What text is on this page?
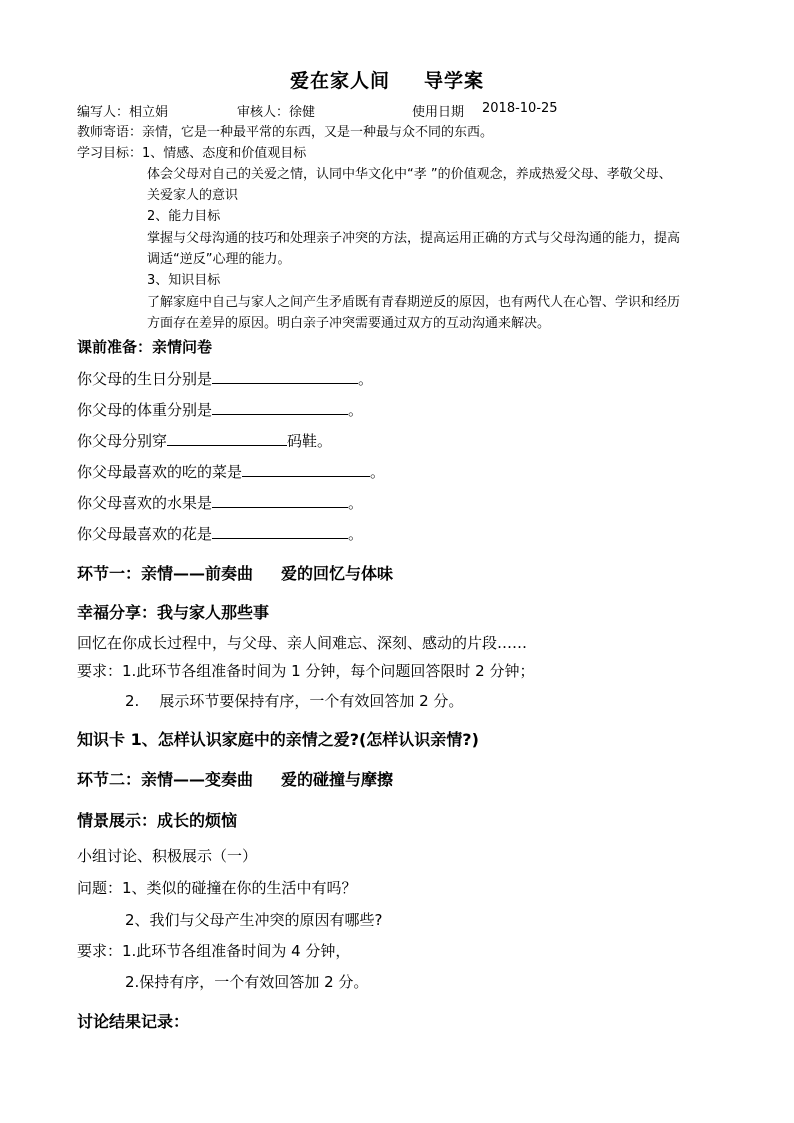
爱在家人间 导学案
编写人：相立娟	审核人：徐健	使用日期 2018-10-25
教师寄语：亲情，它是一种最平常的东西，又是一种最与众不同的东西。
学习目标：1、情感、态度和价值观目标
体会父母对自己的关爱之情，认同中华文化中“孝 ”的价值观念，养成热爱父母、孝敬父母、
关爱家人的意识
2、能力目标
掌握与父母沟通的技巧和处理亲子冲突的方法，提高运用正确的方式与父母沟通的能力，提高
调适“逆反”心理的能力。
3、知识目标
了解家庭中自己与家人之间产生矛盾既有青春期逆反的原因，也有两代人在心智、学识和经历
方面存在差异的原因。明白亲子冲突需要通过双方的互动沟通来解决。
课前准备：亲情问卷
你父母的生日分别是	。
你父母的体重分别是	。
你父母分别穿	码鞋。
你父母最喜欢的吃的菜是	。
你父母喜欢的水果是	。
你父母最喜欢的花是	。
环节一：亲情——前奏曲 爱的回忆与体味
幸福分享：我与家人那些事
回忆在你成长过程中，与父母、亲人间难忘、深刻、感动的片段……
要求：1.此环节各组准备时间为 1 分钟，每个问题回答限时 2 分钟；
2. 展示环节要保持有序，一个有效回答加 2 分。
知识卡 1、怎样认识家庭中的亲情之爱?(怎样认识亲情?)
环节二：亲情——变奏曲 爱的碰撞与摩擦
情景展示：成长的烦恼
小组讨论、积极展示（一）
问题：1、类似的碰撞在你的生活中有吗？
2、我们与父母产生冲突的原因有哪些?
要求：1.此环节各组准备时间为 4 分钟，
2.保持有序，一个有效回答加 2 分。
讨论结果记录：
